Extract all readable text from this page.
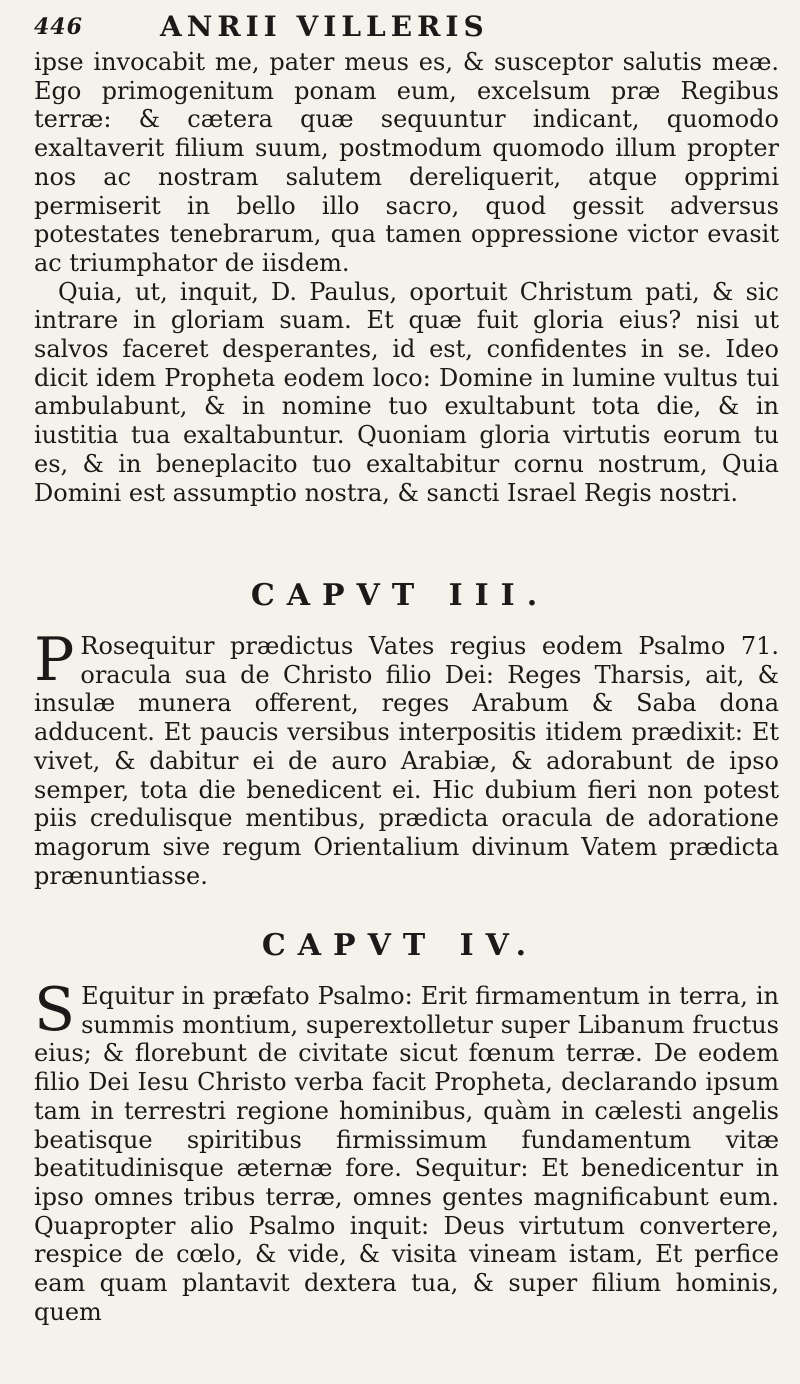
446	ANRII VILLERIS

ipse invocabit me, pater meus es, & susceptor salutis meæ. Ego primogenitum ponam eum, excelsum præ Regibus terræ: & cætera quæ sequuntur indicant, quomodo exaltaverit filium suum, postmodum quomodo illum propter nos ac nostram salutem dereliquerit, atque opprimi permiserit in bello illo sacro, quod gessit adversus potestates tenebrarum, qua tamen oppressione victor evasit ac triumphator de iisdem.

Quia, ut, inquit, D. Paulus, oportuit Christum pati, & sic intrare in gloriam suam. Et quæ fuit gloria eius? nisi ut salvos faceret desperantes, id est, confidentes in se. Ideo dicit idem Propheta eodem loco: Domine in lumine vultus tui ambulabunt, & in nomine tuo exultabunt tota die, & in iustitia tua exaltabuntur. Quoniam gloria virtutis eorum tu es, & in beneplacito tuo exaltabitur cornu nostrum, Quia Domini est assumptio nostra, & sancti Israel Regis nostri.

CAPVT III.
P Rosequitur prædictus Vates regius eodem Psalmo 71. oracula sua de Christo filio Dei: Reges Tharsis, ait, & insulæ munera offerent, reges Arabum & Saba dona adducent. Et paucis versibus interpositis itidem prædixit: Et vivet, & dabitur ei de auro Arabiæ, & adorabunt de ipso semper, tota die benedicent ei. Hic dubium fieri non potest piis credulisque mentibus, prædicta oracula de adoratione magorum sive regum Orientalium divinum Vatem prædicta prænuntiasse.
CAPVT IV.
S Equitur in præfato Psalmo: Erit firmamentum in terra, in summis montium, superextolletur super Libanum fructus eius; & florebunt de civitate sicut fœnum terræ. De eodem filio Dei Iesu Christo verba facit Propheta, declarando ipsum tam in terrestri regione hominibus, quàm in cælesti angelis beatisque spiritibus firmissimum fundamentum vitæ beatitudinisque æternæ fore. Sequitur: Et benedicentur in ipso omnes tribus terræ, omnes gentes magnificabunt eum. Quapropter alio Psalmo inquit: Deus virtutum convertere, respice de cœlo, & vide, & visita vineam istam, Et perfice eam quam plantavit dextera tua, & super filium hominis, quem
